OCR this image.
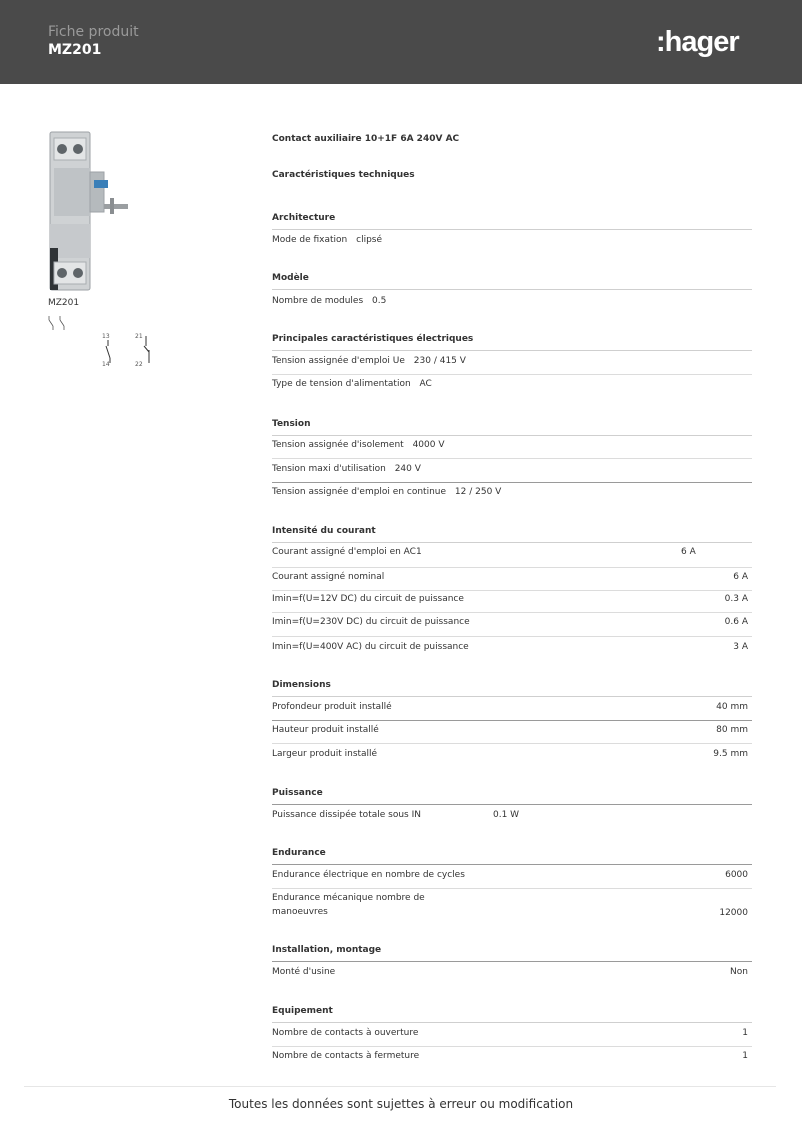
Fiche produit
MZ201	:hager
MZ201
13
14
21
22
Contact auxiliaire 10+1F 6A 240V AC
Caractéristiques techniques
Architecture
Mode de fixation clipsé
Modèle
Nombre de modules 0.5
Principales caractéristiques électriques
Tension assignée d'emploi Ue 230 / 415 V
Type de tension d'alimentation AC
Tension
Tension assignée d'isolement 4000 V
Tension maxi d'utilisation 240 V
Tension assignée d'emploi en continue 12 / 250 V
Intensité du courant
Courant assigné d'emploi en AC1	6 A
Courant assigné nominal	6 A
Imin=f(U=12V DC) du circuit de puissance	0.3 A
Imin=f(U=230V DC) du circuit de puissance	0.6 A
Imin=f(U=400V AC) du circuit de puissance	3 A
Dimensions
Profondeur produit installé	40 mm
Hauteur produit installé	80 mm
Largeur produit installé	9.5 mm
Puissance
Puissance dissipée totale sous IN	0.1 W
Endurance
Endurance électrique en nombre de cycles	6000
Endurance mécanique nombre de
manoeuvres	12000
Installation, montage
Monté d'usine	Non
Equipement
Nombre de contacts à ouverture	1
Nombre de contacts à fermeture	1
Toutes les données sont sujettes à erreur ou modification
